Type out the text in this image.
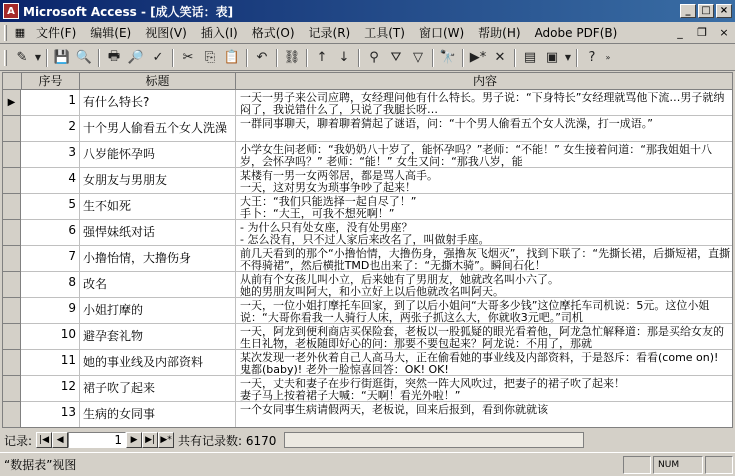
A Microsoft Access - [成人笑话：表]	_	□ ×
▦ 文件(F)	编辑(E)	视图(V)	插入(I)	格式(O)	记录(R)	工具(T)	窗口(W)	帮助(H)	Adobe PDF(B)	_	❐	×
✎ ▼ 💾 🔍	🖶 🔎 ✓	✂ ⎘ 📋	↶	⛓	↑ ↓	⚲ ⛛ ▽	🔭 ▶* ✕	▤ ▣ ▼	?	»
序号	标题	内容
▶	1 有什么特长?	一天一男子来公司应聘，女经理问他有什么特长。男子说：“下身特长”女经理就骂他下流…男子就纳闷了，我说错什么了，只说了我腿长呀…
2 十个男人偷看五个女人洗澡	一群同事聊天，聊着聊着猜起了谜语，问：“十个男人偷看五个女人洗澡，打一成语。”
3 八岁能怀孕吗	小学女生问老师：“我奶奶八十岁了，能怀孕吗？”老师：“不能！” 女生接着问道：“那我姐姐十八岁，会怀孕吗？” 老师：“能！” 女生又问：“那我八岁，能
4 女朋友与男朋友	某楼有一男一女两邻居，都是骂人高手。
一天，这对男女为琐事争吵了起来！
5 生不如死	大王：“我们只能选择一起自尽了！”
手卜：“大王，可我不想死啊！”
6 强悍妹纸对话	- 为什么只有处女座，没有处男座？
- 怎么没有，只不过人家后来改名了，叫做射手座。
7 小撸怡情，大撸伤身	前几天看到的那个“小撸怡情，大撸伤身，强撸灰飞烟灭”，找到下联了：“先撕长裙，后撕短裙，直撕不得骑裙”，然后横批TMD也出来了：“无撕木骑”。瞬间石化！
8 改名	从前有个女孩儿叫小立，后来她有了男朋友，她就改名叫小六了。
她的男朋友叫阿大，和小立好上以后他就改名叫阿天。
9 小姐打摩的	一天，一位小姐打摩托车回家，到了以后小姐问“大哥多少钱”这位摩托车司机说：5元。这位小姐说：“大哥你看我一人骑行人床，两张子抓这么大，你就收3元吧。”司机
10 避孕套礼物	一天，阿龙到便利商店买保险套，老板以一股狐疑的眼光看着他，阿龙急忙解释道：那是买给女友的生日礼物，老板随即好心的问：那要不要包起来？阿龙说：不用了，那就
11 她的事业线及内部资料	某次发现一老外伙着自己人高马大，正在偷看她的事业线及内部资料，于是怒斥：看看(come on)! 鬼都(baby)! 老外一脸惊喜回答：OK! OK!
12 裙子吹了起来	一天，丈夫和妻子在步行街逛街，突然一阵大风吹过，把妻子的裙子吹了起来！
妻子马上按着裙子大喊：“天啊！看光外啦！”
13 生病的女同事	一个女同事生病请假两天，老板说，回来后报到，看到你就就该
记录: |◀ ◀	1 ▶ ▶| ▶* 共有记录数: 6170
“数据表”视图	NUM
